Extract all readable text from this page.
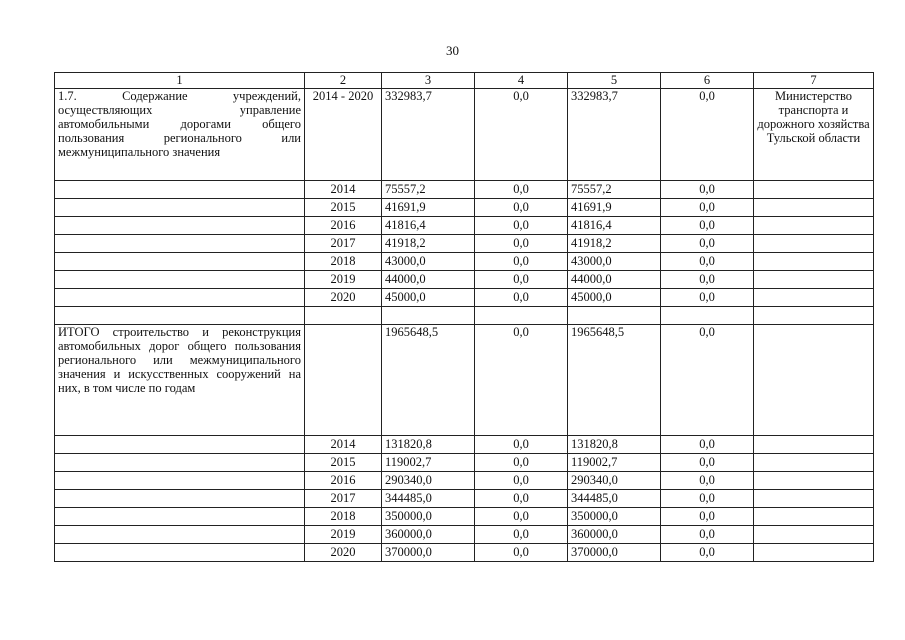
30
1	2	3	4	5	6	7
1.7. Содержание учреждений, осуществляющих управление автомобильными дорогами общего пользования регионального или межмуниципального значения	2014 - 2020	332983,7	0,0	332983,7	0,0	Министерство транспорта и дорожного хозяйства Тульской области
	2014	75557,2	0,0	75557,2	0,0	
	2015	41691,9	0,0	41691,9	0,0	
	2016	41816,4	0,0	41816,4	0,0	
	2017	41918,2	0,0	41918,2	0,0	
	2018	43000,0	0,0	43000,0	0,0	
	2019	44000,0	0,0	44000,0	0,0	
	2020	45000,0	0,0	45000,0	0,0	

ИТОГО строительство и реконструкция автомобильных дорог общего пользования регионального или межмуниципального значения и искусственных сооружений на них, в том числе по годам		1965648,5	0,0	1965648,5	0,0	
	2014	131820,8	0,0	131820,8	0,0	
	2015	119002,7	0,0	119002,7	0,0	
	2016	290340,0	0,0	290340,0	0,0	
	2017	344485,0	0,0	344485,0	0,0	
	2018	350000,0	0,0	350000,0	0,0	
	2019	360000,0	0,0	360000,0	0,0	
	2020	370000,0	0,0	370000,0	0,0	
